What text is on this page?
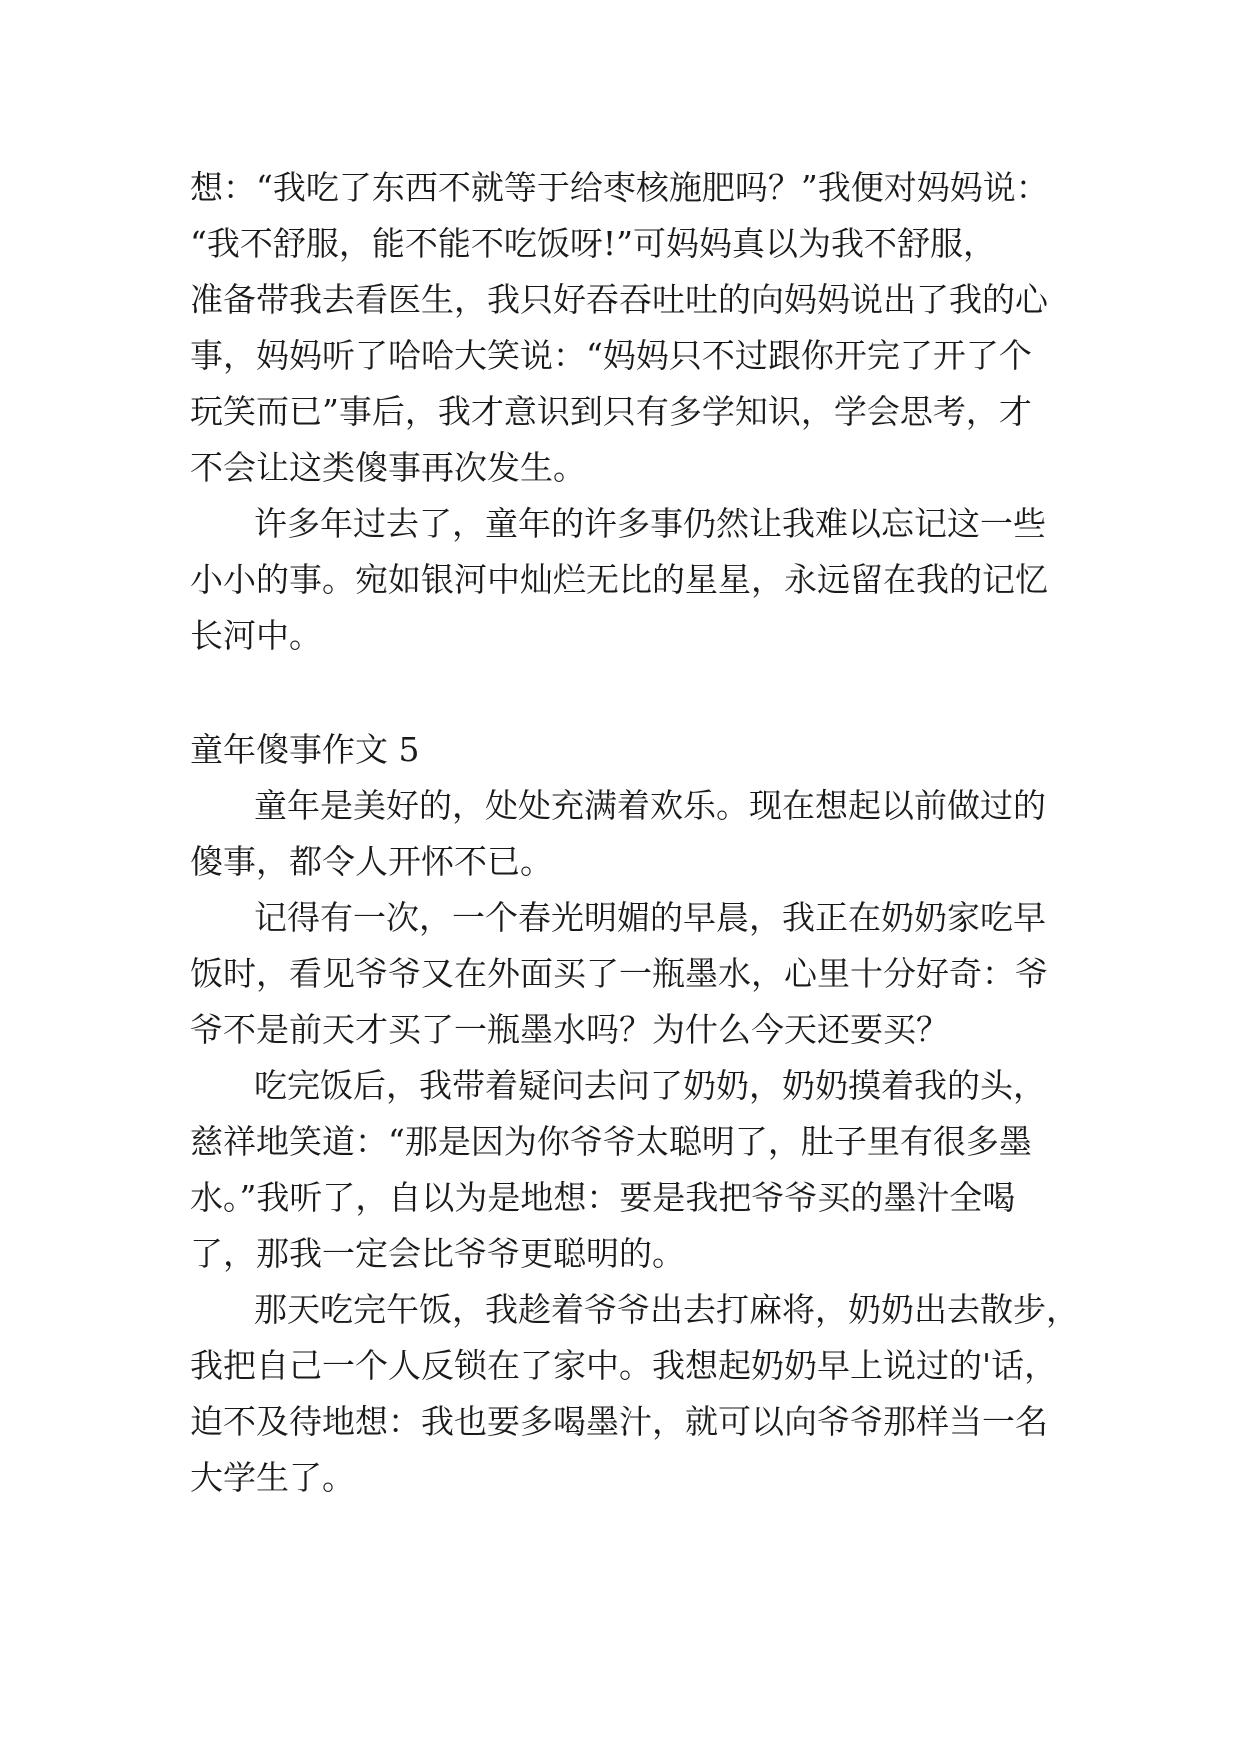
想：“我吃了东西不就等于给枣核施肥吗？”我便对妈妈说：
“我不舒服，能不能不吃饭呀!”可妈妈真以为我不舒服，
准备带我去看医生，我只好吞吞吐吐的向妈妈说出了我的心
事，妈妈听了哈哈大笑说：“妈妈只不过跟你开完了开了个
玩笑而已”事后，我才意识到只有多学知识，学会思考，才
不会让这类傻事再次发生。
许多年过去了，童年的许多事仍然让我难以忘记这一些
小小的事。宛如银河中灿烂无比的星星，永远留在我的记忆
长河中。
童年傻事作文 5
童年是美好的，处处充满着欢乐。现在想起以前做过的
傻事，都令人开怀不已。
记得有一次，一个春光明媚的早晨，我正在奶奶家吃早
饭时，看见爷爷又在外面买了一瓶墨水，心里十分好奇：爷
爷不是前天才买了一瓶墨水吗？为什么今天还要买？
吃完饭后，我带着疑问去问了奶奶，奶奶摸着我的头，
慈祥地笑道：“那是因为你爷爷太聪明了，肚子里有很多墨
水。”我听了，自以为是地想：要是我把爷爷买的墨汁全喝
了，那我一定会比爷爷更聪明的。
那天吃完午饭，我趁着爷爷出去打麻将，奶奶出去散步，
我把自己一个人反锁在了家中。我想起奶奶早上说过的'话，
迫不及待地想：我也要多喝墨汁，就可以向爷爷那样当一名
大学生了。
